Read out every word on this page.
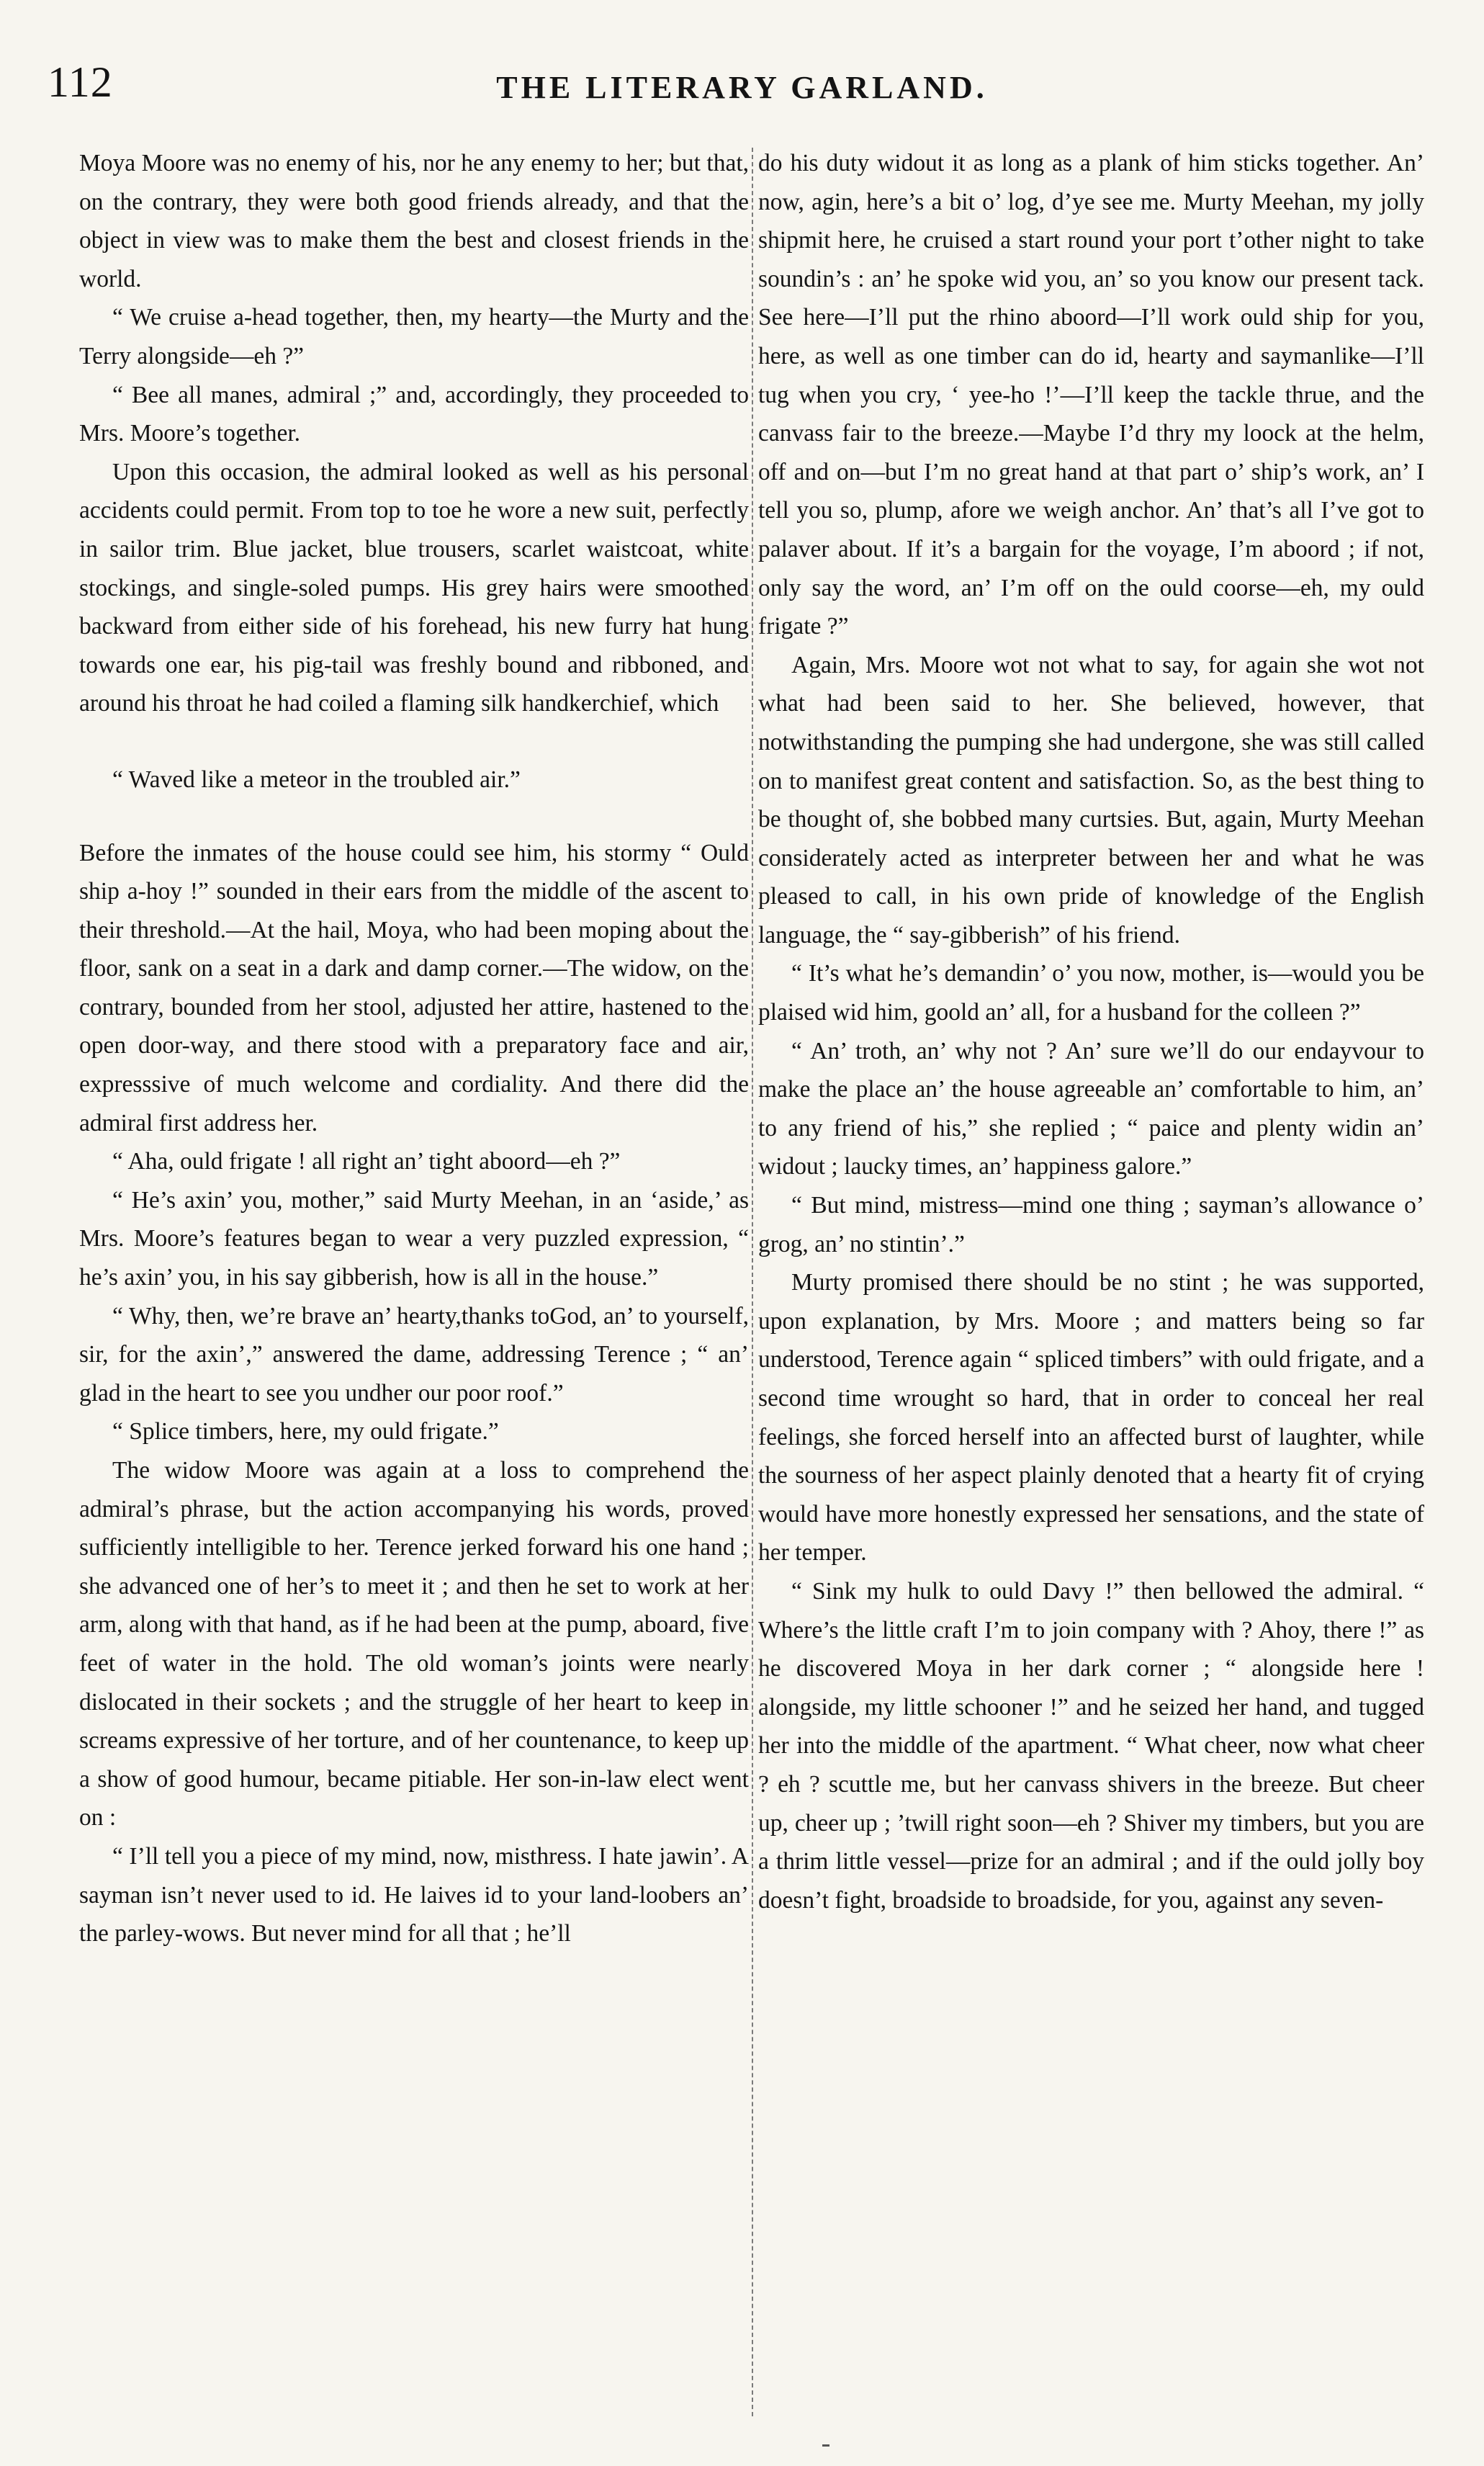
112	THE LITERARY GARLAND.

Moya Moore was no enemy of his, nor he any enemy to her; but that, on the contrary, they were both good friends already, and that the object in view was to make them the best and closest friends in the world.

“ We cruise a-head together, then, my hearty—the Murty and the Terry alongside—eh ?”

“ Bee all manes, admiral ;” and, accordingly, they proceeded to Mrs. Moore’s together.

Upon this occasion, the admiral looked as well as his personal accidents could permit. From top to toe he wore a new suit, perfectly in sailor trim. Blue jacket, blue trousers, scarlet waistcoat, white stockings, and single-soled pumps. His grey hairs were smoothed backward from either side of his forehead, his new furry hat hung towards one ear, his pig-tail was freshly bound and ribboned, and around his throat he had coiled a flaming silk handkerchief, which

“ Waved like a meteor in the troubled air.”

Before the inmates of the house could see him, his stormy “ Ould ship a-hoy !” sounded in their ears from the middle of the ascent to their threshold.—At the hail, Moya, who had been moping about the floor, sank on a seat in a dark and damp corner.—The widow, on the contrary, bounded from her stool, adjusted her attire, hastened to the open door-way, and there stood with a preparatory face and air, expresssive of much welcome and cordiality. And there did the admiral first address her.

“ Aha, ould frigate ! all right an’ tight aboord—eh ?”

“ He’s axin’ you, mother,” said Murty Meehan, in an ‘aside,’ as Mrs. Moore’s features began to wear a very puzzled expression, “ he’s axin’ you, in his say gibberish, how is all in the house.”

“ Why, then, we’re brave an’ hearty,thanks toGod, an’ to yourself, sir, for the axin’,” answered the dame, addressing Terence ; “ an’ glad in the heart to see you undher our poor roof.”

“ Splice timbers, here, my ould frigate.”

The widow Moore was again at a loss to comprehend the admiral’s phrase, but the action accompanying his words, proved sufficiently intelligible to her. Terence jerked forward his one hand ; she advanced one of her’s to meet it ; and then he set to work at her arm, along with that hand, as if he had been at the pump, aboard, five feet of water in the hold. The old woman’s joints were nearly dislocated in their sockets ; and the struggle of her heart to keep in screams expressive of her torture, and of her countenance, to keep up a show of good humour, became pitiable. Her son-in-law elect went on :

“ I’ll tell you a piece of my mind, now, misthress. I hate jawin’. A sayman isn’t never used to id. He laives id to your land-loobers an’ the parley-wows. But never mind for all that ; he’ll

do his duty widout it as long as a plank of him sticks together. An’ now, agin, here’s a bit o’ log, d’ye see me. Murty Meehan, my jolly shipmit here, he cruised a start round your port t’other night to take soundin’s : an’ he spoke wid you, an’ so you know our present tack. See here—I’ll put the rhino aboord—I’ll work ould ship for you, here, as well as one timber can do id, hearty and saymanlike—I’ll tug when you cry, ‘ yee-ho !’—I’ll keep the tackle thrue, and the canvass fair to the breeze.—Maybe I’d thry my loock at the helm, off and on—but I’m no great hand at that part o’ ship’s work, an’ I tell you so, plump, afore we weigh anchor. An’ that’s all I’ve got to palaver about. If it’s a bargain for the voyage, I’m aboord ; if not, only say the word, an’ I’m off on the ould coorse—eh, my ould frigate ?”

Again, Mrs. Moore wot not what to say, for again she wot not what had been said to her. She believed, however, that notwithstanding the pumping she had undergone, she was still called on to manifest great content and satisfaction. So, as the best thing to be thought of, she bobbed many curtsies. But, again, Murty Meehan considerately acted as interpreter between her and what he was pleased to call, in his own pride of knowledge of the English language, the “ say-gibberish” of his friend.

“ It’s what he’s demandin’ o’ you now, mother, is—would you be plaised wid him, goold an’ all, for a husband for the colleen ?”

“ An’ troth, an’ why not ? An’ sure we’ll do our endayvour to make the place an’ the house agreeable an’ comfortable to him, an’ to any friend of his,” she replied ; “ paice and plenty widin an’ widout ; laucky times, an’ happiness galore.”

“ But mind, mistress—mind one thing ; sayman’s allowance o’ grog, an’ no stintin’.”

Murty promised there should be no stint ; he was supported, upon explanation, by Mrs. Moore ; and matters being so far understood, Terence again “ spliced timbers” with ould frigate, and a second time wrought so hard, that in order to conceal her real feelings, she forced herself into an affected burst of laughter, while the sourness of her aspect plainly denoted that a hearty fit of crying would have more honestly expressed her sensations, and the state of her temper.

“ Sink my hulk to ould Davy !” then bellowed the admiral. “ Where’s the little craft I’m to join company with ? Ahoy, there !” as he discovered Moya in her dark corner ; “ alongside here ! alongside, my little schooner !” and he seized her hand, and tugged her into the middle of the apartment. “ What cheer, now what cheer ? eh ? scuttle me, but her canvass shivers in the breeze. But cheer up, cheer up ; ’twill right soon—eh ? Shiver my timbers, but you are a thrim little vessel—prize for an admiral ; and if the ould jolly boy doesn’t fight, broadside to broadside, for you, against any seven-
